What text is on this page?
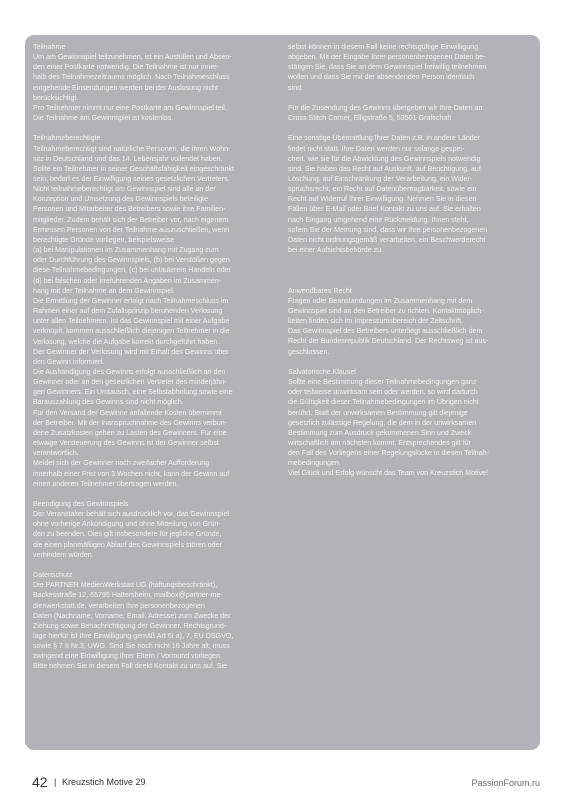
Teilnahme
Um am Gewinnspiel teilzunehmen, ist ein Ausfüllen und Absen-
den einer Postkarte notwendig. Die Teilnahme ist nur inner-
halb des Teilnahmezeitraums möglich. Nach Teilnahmeschluss
eingehende Einsendungen werden bei der Auslosung nicht
berücksichtigt.
Pro Teilnehmer nimmt nur eine Postkarte am Gewinnspiel teil.
Die Teilnahme am Gewinnspiel ist kostenlos.
Teilnahmeberechtigte
Teilnahmeberechtigt sind natürliche Personen, die ihren Wohn-
sitz in Deutschland und das 14. Lebensjahr vollendet haben.
Sollte ein Teilnehmer in seiner Geschäftsfähigkeit eingeschränkt
sein, bedarf es der Einwilligung seines gesetzlichen Vertreters.
Nicht teilnahmeberechtigt am Gewinnspiel sind alle an der
Konzeption und Umsetzung des Gewinnspiels beteiligte
Personen und Mitarbeiter des Betreibers sowie ihre Familien-
mitglieder. Zudem behält sich der Betreiber vor, nach eigenem
Ermessen Personen von der Teilnahme auszuschließen, wenn
berechtigte Gründe vorliegen, beispielsweise
(a) bei Manipulationen im Zusammenhang mit Zugang zum
oder Durchführung des Gewinnspiels, (b) bei Verstößen gegen
diese Teilnahmebedingungen, (c) bei unlauterem Handeln oder
(d) bei falschen oder irreführenden Angaben im Zusammen-
hang mit der Teilnahme an dem Gewinnspiel.
Die Ermittlung der Gewinner erfolgt nach Teilnahmeschluss im
Rahmen einer auf dem Zufallsprinzip beruhenden Verlosung
unter allen Teilnehmern. Ist das Gewinnspiel mit einer Aufgabe
verknüpft, kommen ausschließlich diejenigen Teilnehmer in die
Verlosung, welche die Aufgabe korrekt durchgeführt haben.
Der Gewinner der Verlosung wird mit Erhalt des Gewinns über
den Gewinn informiert.
Die Aushändigung des Gewinns erfolgt ausschließlich an den
Gewinner oder an den gesetzlichen Vertreter des minderjähri-
gen Gewinners. Ein Umtausch, eine Selbstabholung sowie eine
Barauszahlung des Gewinns sind nicht möglich.
Für den Versand der Gewinne anfallende Kosten übernimmt
der Betreiber. Mit der Inanspruchnahme des Gewinns verbun-
dene Zusatzkosten gehen zu Lasten des Gewinners. Für eine
etwaige Versteuerung des Gewinns ist der Gewinner selbst
verantwortlich.
Meldet sich der Gewinner nach zweifacher Aufforderung
innerhalb einer Frist von 3 Wochen nicht, kann der Gewinn auf
einen anderen Teilnehmer übertragen werden.
Beendigung des Gewinnspiels
Der Veranstalter behält sich ausdrücklich vor, das Gewinnspiel
ohne vorherige Ankündigung und ohne Mitteilung von Grün-
den zu beenden. Dies gilt insbesondere für jegliche Gründe,
die einen planmäßigen Ablauf des Gewinnspiels stören oder
verhindern würden.
Datenschutz
Die PARTNER MedienWerkstatt UG (haftungsbeschränkt),
Backesstraße 12, 65795 Hattersheim, mailbox@partner-me-
dienwerkstatt.de, verarbeiten Ihre personenbezogenen
Daten (Nachname, Vorname, Email, Adresse) zum Zwecke der
Ziehung sowie Benachrichtigung der Gewinner. Rechtsgrund-
lage hierfür ist Ihre Einwilligung gemäß Art 6I a), 7, EU DSGVO,
sowie § 7 II Nr.3, UWG. Sind Sie noch nicht 16 Jahre alt, muss
zwingend eine Einwilligung Ihrer Eltern / Vormund vorliegen.
Bitte nehmen Sie in diesem Fall direkt Kontakt zu uns auf. Sie
selbst können in diesem Fall keine rechtsgültige Einwilligung
abgeben. Mit der Eingabe Ihrer personenbezogenen Daten be-
stätigen Sie, dass Sie an dem Gewinnspiel freiwillig teilnehmen
wollen und dass Sie mit der absendenden Person identisch
sind.
Für die Zusendung des Gewinns übergeben wir Ihre Daten an:
Cross Stitch Corner, Elligstraße 5, 53501 Grafschaft
Eine sonstige Übermittlung Ihrer Daten z.B. in andere Länder
findet nicht statt. Ihre Daten werden nur solange gespei-
chert, wie sie für die Abwicklung des Gewinnspiels notwendig
sind. Sie haben das Recht auf Auskunft, auf Berichtigung, auf
Löschung, auf Einschränkung der Verarbeitung, ein Wider-
spruchsrecht, ein Recht auf Datenübertragbarkeit, sowie ein
Recht auf Widerruf Ihrer Einwilligung. Nehmen Sie in diesen
Fällen über E-Mail oder Brief Kontakt zu uns auf. Sie erhalten
nach Eingang umgehend eine Rückmeldung. Ihnen steht,
sofern Sie der Meinung sind, dass wir Ihre personenbezogenen
Daten nicht ordnungsgemäß verarbeiten, ein Beschwerderecht
bei einer Aufsichtsbehörde zu.

Anwendbares Recht
Fragen oder Beanstandungen im Zusammenhang mit dem
Gewinnspiel sind an den Betreiber zu richten. Kontaktmöglich-
keiten finden sich im Impressumsbereich der Zeitschrift.
Das Gewinnspiel des Betreibers unterliegt ausschließlich dem
Recht der Bundesrepublik Deutschland. Der Rechtsweg ist aus-
geschlossen.
Salvatorische Klausel
Sollte eine Bestimmung dieser Teilnahmebedingungen ganz
oder teilweise unwirksam sein oder werden, so wird dadurch
die Gültigkeit dieser Teilnahmebedingungen im Übrigen nicht
berührt. Statt der unwirksamen Bestimmung gilt diejenige
gesetzlich zulässige Regelung, die dem in der unwirksamen
Bestimmung zum Ausdruck gekommenen Sinn und Zweck
wirtschaftlich am nächsten kommt. Entsprechendes gilt für
den Fall des Vorliegens einer Regelungslücke in diesen Teilnah-
mebedingungen.
Viel Glück und Erfolg wünscht das Team von Kreuzstich Motive!
42 | Kreuzstich Motive 29	PassionForum.ru
